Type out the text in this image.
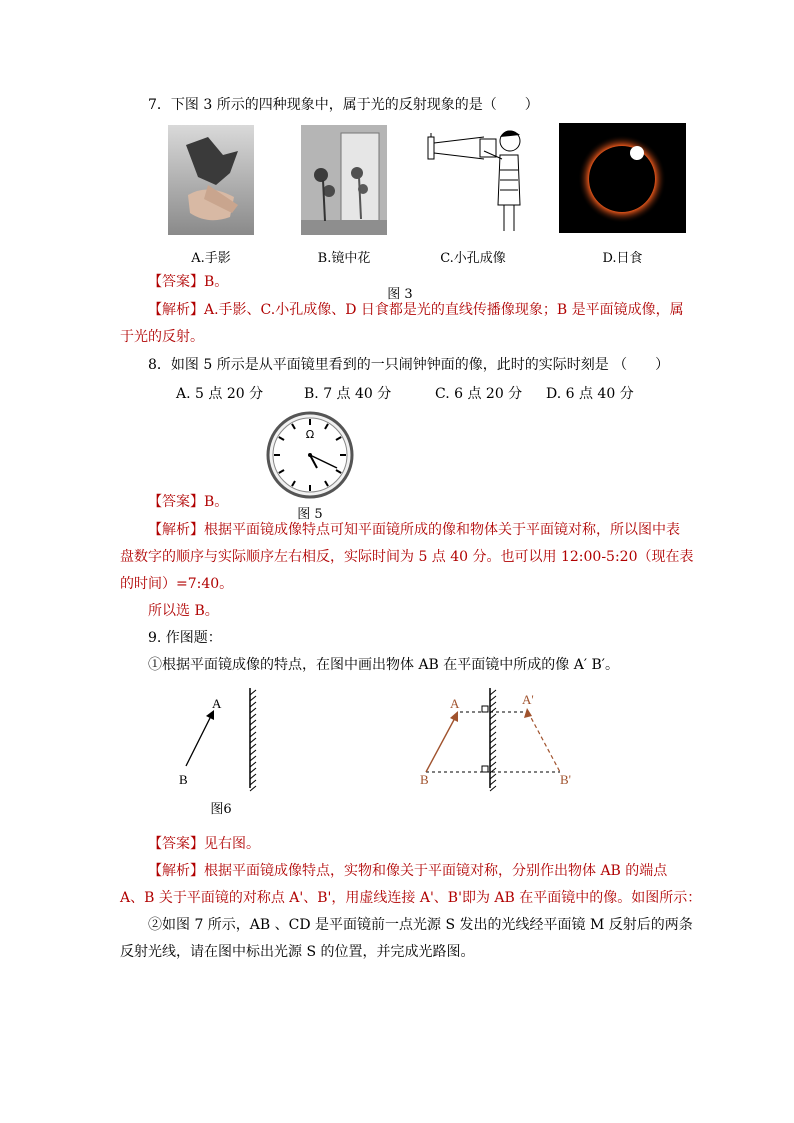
7．下图 3 所示的四种现象中，属于光的反射现象的是（　　）
A.手影	B.镜中花	C.小孔成像	D.日食
图 3
【答案】B。
【解析】A.手影、C.小孔成像、D 日食都是光的直线传播像现象；B 是平面镜成像，属
于光的反射。
8．如图 5 所示是从平面镜里看到的一只闹钟钟面的像，此时的实际时刻是 （　　）
A. 5 点 20 分	B. 7 点 40 分	C. 6 点 20 分 D. 6 点 40 分
Ω
图 5
【答案】B。
【解析】根据平面镜成像特点可知平面镜所成的像和物体关于平面镜对称，所以图中表
盘数字的顺序与实际顺序左右相反，实际时间为 5 点 40 分。也可以用 12:00-5:20（现在表
的时间）=7:40。
所以选 B。
9. 作图题：
①根据平面镜成像的特点，在图中画出物体 AB 在平面镜中所成的像 A′ B′。
A
B
图6
A
B
A'
B'
【答案】见右图。
【解析】根据平面镜成像特点，实物和像关于平面镜对称，分别作出物体 AB 的端点
A、B 关于平面镜的对称点 A'、B'，用虚线连接 A'、B'即为 AB 在平面镜中的像。如图所示：
②如图 7 所示，AB 、CD 是平面镜前一点光源 S 发出的光线经平面镜 M 反射后的两条
反射光线，请在图中标出光源 S 的位置，并完成光路图。
